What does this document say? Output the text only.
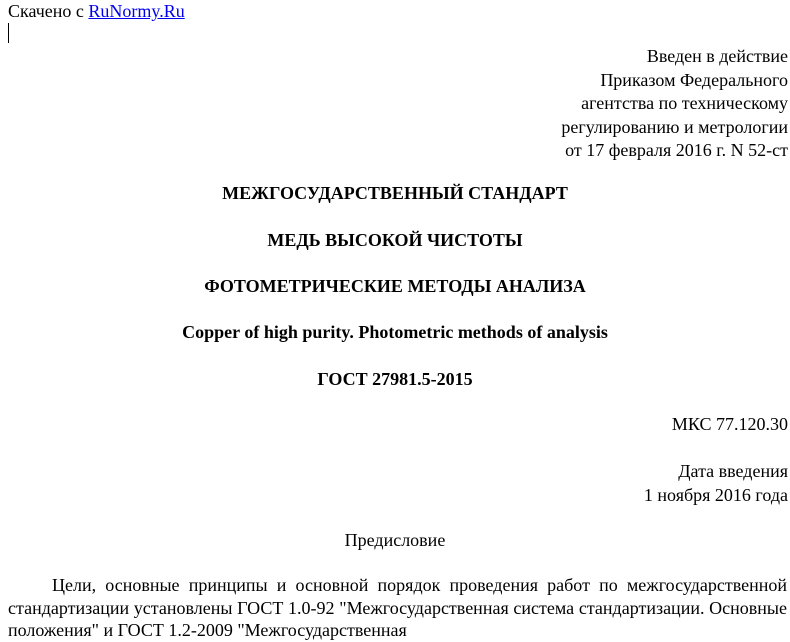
Скачено с RuNormy.Ru
Введен в действие
Приказом Федерального
агентства по техническому
регулированию и метрологии
от 17 февраля 2016 г. N 52-ст
МЕЖГОСУДАРСТВЕННЫЙ СТАНДАРТ
МЕДЬ ВЫСОКОЙ ЧИСТОТЫ
ФОТОМЕТРИЧЕСКИЕ МЕТОДЫ АНАЛИЗА
Copper of high purity. Photometric methods of analysis
ГОСТ 27981.5-2015
МКС 77.120.30
Дата введения
1 ноября 2016 года
Предисловие
Цели, основные принципы и основной порядок проведения работ по межгосударственной стандартизации установлены ГОСТ 1.0-92 "Межгосударственная система стандартизации. Основные положения" и ГОСТ 1.2-2009 "Межгосударственная
